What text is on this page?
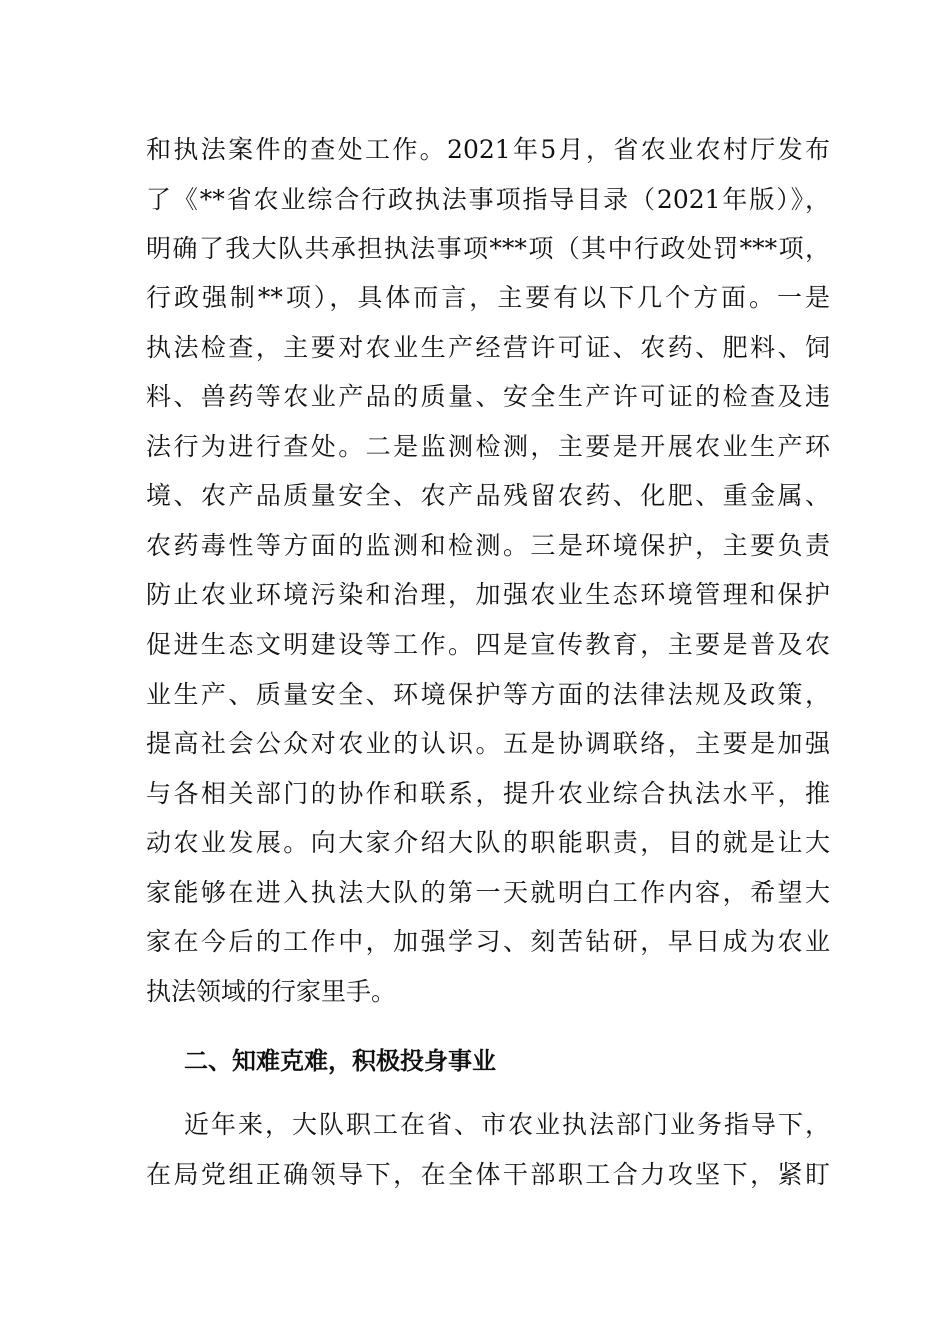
和执法案件的查处工作。2021年5月，省农业农村厅发布
了《**省农业综合行政执法事项指导目录（2021年版）》，
明确了我大队共承担执法事项***项（其中行政处罚***项，
行政强制**项），具体而言，主要有以下几个方面。一是
执法检查，主要对农业生产经营许可证、农药、肥料、饲
料、兽药等农业产品的质量、安全生产许可证的检查及违
法行为进行查处。二是监测检测，主要是开展农业生产环
境、农产品质量安全、农产品残留农药、化肥、重金属、
农药毒性等方面的监测和检测。三是环境保护，主要负责
防止农业环境污染和治理，加强农业生态环境管理和保护
促进生态文明建设等工作。四是宣传教育，主要是普及农
业生产、质量安全、环境保护等方面的法律法规及政策，
提高社会公众对农业的认识。五是协调联络，主要是加强
与各相关部门的协作和联系，提升农业综合执法水平，推
动农业发展。向大家介绍大队的职能职责，目的就是让大
家能够在进入执法大队的第一天就明白工作内容，希望大
家在今后的工作中，加强学习、刻苦钻研，早日成为农业
执法领域的行家里手。
二、知难克难，积极投身事业
近年来，大队职工在省、市农业执法部门业务指导下，
在局党组正确领导下，在全体干部职工合力攻坚下，紧盯
